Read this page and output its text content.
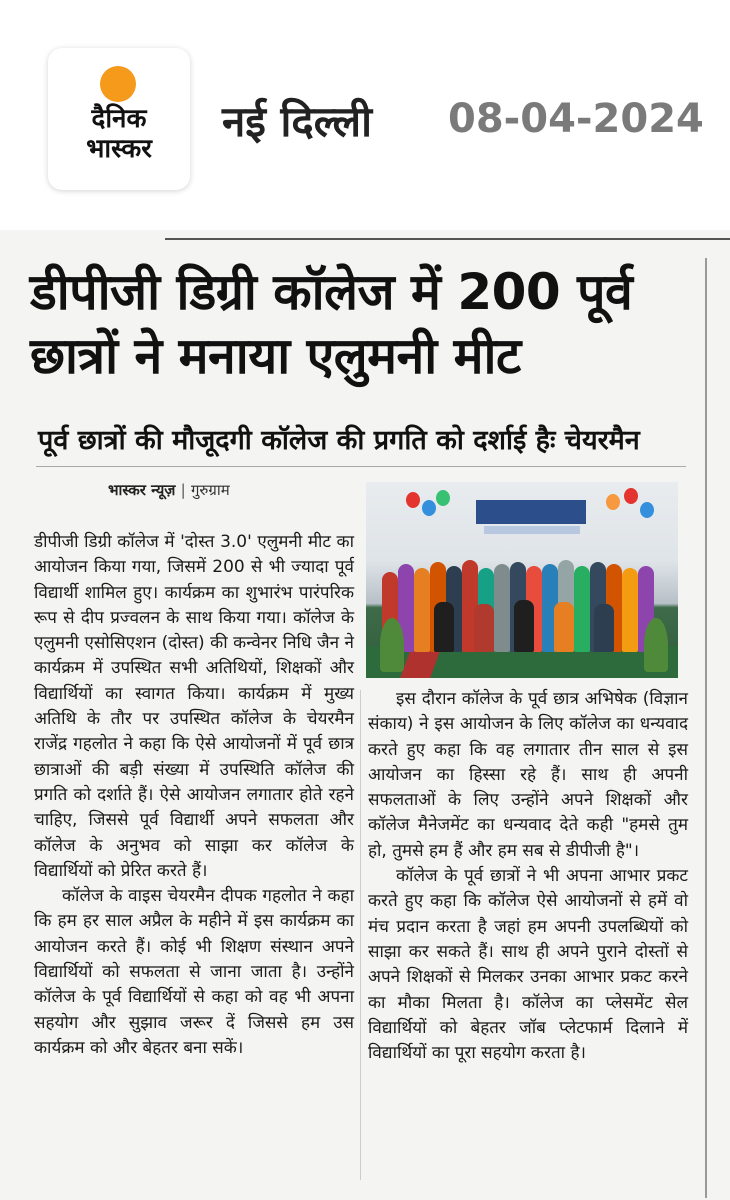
दैनिक
भास्कर
नई दिल्ली 08-04-2024
डीपीजी डिग्री कॉलेज में 200 पूर्व छात्रों ने मनाया एलुमनी मीट
पूर्व छात्रों की मौजूदगी कॉलेज की प्रगति को दर्शाई हैः चेयरमैन
भास्कर न्यूज़ | गुरुग्राम

डीपीजी डिग्री कॉलेज में 'दोस्त 3.0' एलुमनी मीट का आयोजन किया गया, जिसमें 200 से भी ज्यादा पूर्व विद्यार्थी शामिल हुए। कार्यक्रम का शुभारंभ पारंपरिक रूप से दीप प्रज्वलन के साथ किया गया। कॉलेज के एलुमनी एसोसिएशन (दोस्त) की कन्वेनर निधि जैन ने कार्यक्रम में उपस्थित सभी अतिथियों, शिक्षकों और विद्यार्थियों का स्वागत किया। कार्यक्रम में मुख्य अतिथि के तौर पर उपस्थित कॉलेज के चेयरमैन राजेंद्र गहलोत ने कहा कि ऐसे आयोजनों में पूर्व छात्र छात्राओं की बड़ी संख्या में उपस्थिति कॉलेज की प्रगति को दर्शाते हैं। ऐसे आयोजन लगातार होते रहने चाहिए, जिससे पूर्व विद्यार्थी अपने सफलता और कॉलेज के अनुभव को साझा कर कॉलेज के विद्यार्थियों को प्रेरित करते हैं।

कॉलेज के वाइस चेयरमैन दीपक गहलोत ने कहा कि हम हर साल अप्रैल के महीने में इस कार्यक्रम का आयोजन करते हैं। कोई भी शिक्षण संस्थान अपने विद्यार्थियों को सफलता से जाना जाता है। उन्होंने कॉलेज के पूर्व विद्यार्थियों से कहा को वह भी अपना सहयोग और सुझाव जरूर दें जिससे हम उस कार्यक्रम को और बेहतर बना सकें।

इस दौरान कॉलेज के पूर्व छात्र अभिषेक (विज्ञान संकाय) ने इस आयोजन के लिए कॉलेज का धन्यवाद करते हुए कहा कि वह लगातार तीन साल से इस आयोजन का हिस्सा रहे हैं। साथ ही अपनी सफलताओं के लिए उन्होंने अपने शिक्षकों और कॉलेज मैनेजमेंट का धन्यवाद देते कही "हमसे तुम हो, तुमसे हम हैं और हम सब से डीपीजी है"।

कॉलेज के पूर्व छात्रों ने भी अपना आभार प्रकट करते हुए कहा कि कॉलेज ऐसे आयोजनों से हमें वो मंच प्रदान करता है जहां हम अपनी उपलब्धियों को साझा कर सकते हैं। साथ ही अपने पुराने दोस्तों से अपने शिक्षकों से मिलकर उनका आभार प्रकट करने का मौका मिलता है। कॉलेज का प्लेसमेंट सेल विद्यार्थियों को बेहतर जॉब प्लेटफार्म दिलाने में विद्यार्थियों का पूरा सहयोग करता है।
